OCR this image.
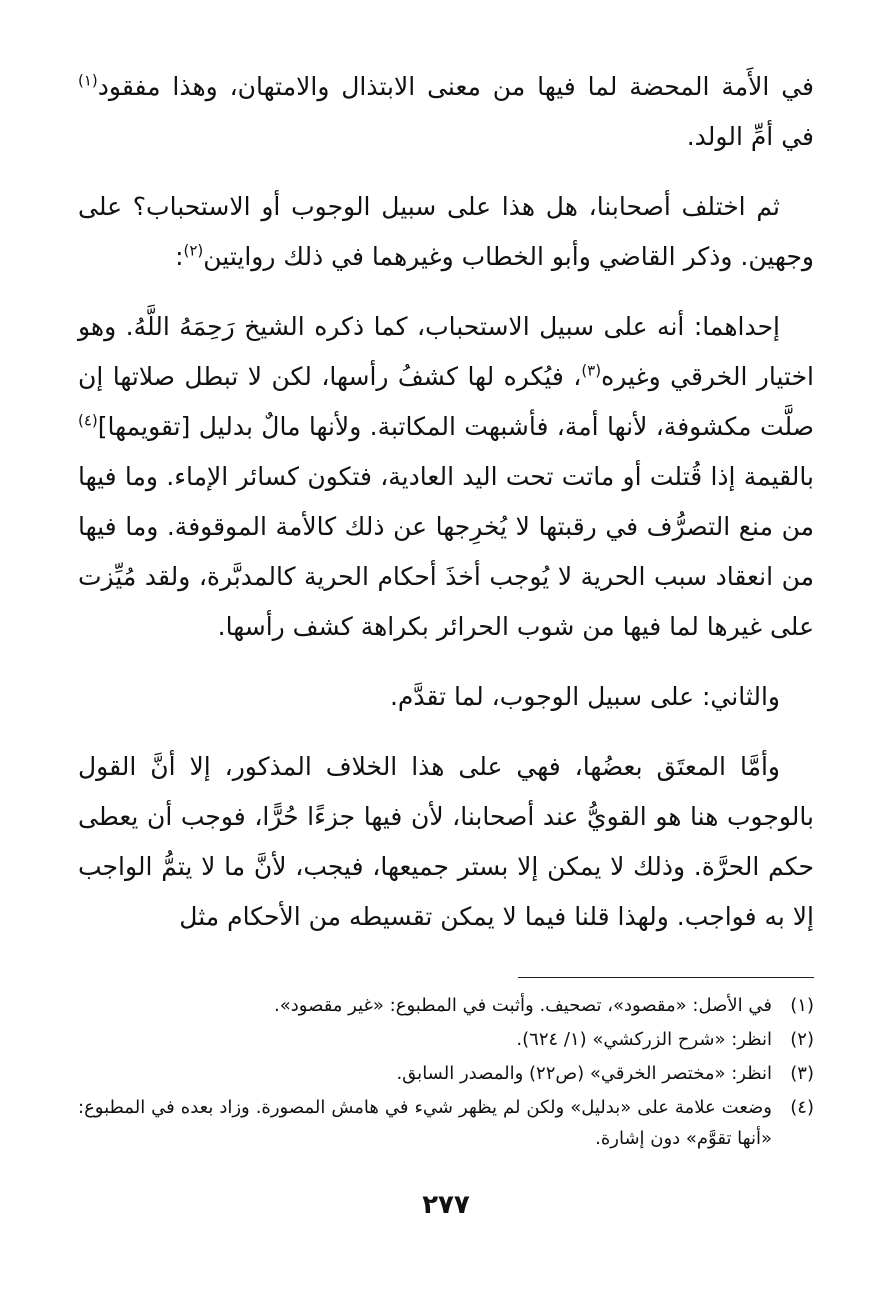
في الأَمة المحضة لما فيها من معنى الابتذال والامتهان، وهذا مفقود$^{(١)}$ في أمِّ الولد.

ثم اختلف أصحابنا، هل هذا على سبيل الوجوب أو الاستحباب؟ على وجهين. وذكر القاضي وأبو الخطاب وغيرهما في ذلك روايتين$^{(٢)}$:

إحداهما: أنه على سبيل الاستحباب، كما ذكره الشيخ رَحِمَهُ اللَّهُ. وهو اختيار الخرقي وغيره$^{(٣)}$، فيُكره لها كشفُ رأسها، لكن لا تبطل صلاتها إن صلَّت مكشوفة، لأنها أمة، فأشبهت المكاتبة. ولأنها مالٌ بدليل [تقويمها]$^{(٤)}$ بالقيمة إذا قُتلت أو ماتت تحت اليد العادية، فتكون كسائر الإماء. وما فيها من منع التصرُّف في رقبتها لا يُخرِجها عن ذلك كالأمة الموقوفة. وما فيها من انعقاد سبب الحرية لا يُوجب أخذَ أحكام الحرية كالمدبَّرة، ولقد مُيِّزت على غيرها لما فيها من شوب الحرائر بكراهة كشف رأسها.

والثاني: على سبيل الوجوب، لما تقدَّم.

وأمَّا المعتَق بعضُها، فهي على هذا الخلاف المذكور، إلا أنَّ القول بالوجوب هنا هو القويُّ عند أصحابنا، لأن فيها جزءًا حُرًّا، فوجب أن يعطى حكم الحرَّة. وذلك لا يمكن إلا بستر جميعها، فيجب، لأنَّ ما لا يتمُّ الواجب إلا به فواجب. ولهذا قلنا فيما لا يمكن تقسيطه من الأحكام مثل

(١)
في الأصل: «مقصود»، تصحيف. وأثبت في المطبوع: «غير مقصود».
(٢)
انظر: «شرح الزركشي» (١/ ٦٢٤).
(٣)
انظر: «مختصر الخرقي» (ص٢٢) والمصدر السابق.
(٤)
وضعت علامة على «بدليل» ولكن لم يظهر شيء في هامش المصورة. وزاد بعده في المطبوع: «أنها تقوَّم» دون إشارة.
٢٧٧
